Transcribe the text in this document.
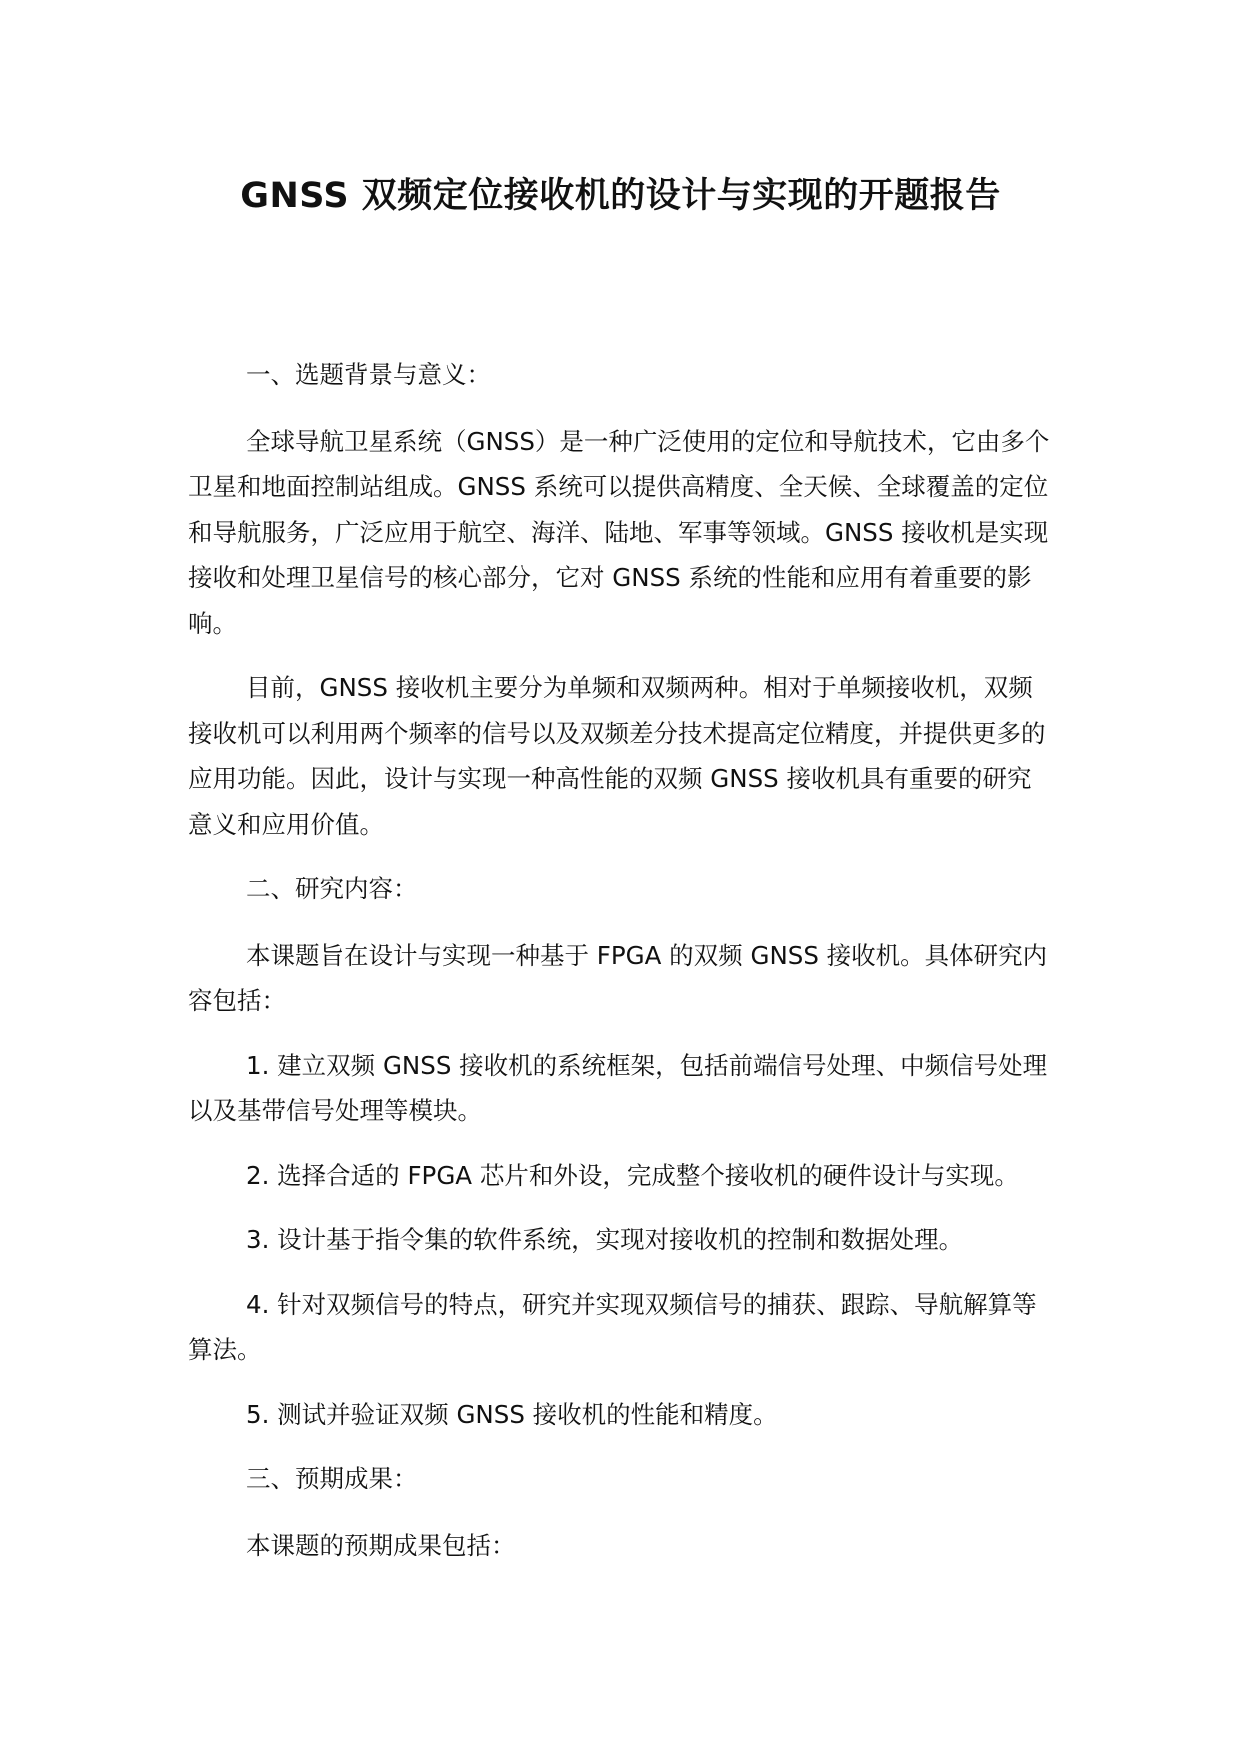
GNSS 双频定位接收机的设计与实现的开题报告

一、选题背景与意义：

全球导航卫星系统（GNSS）是一种广泛使用的定位和导航技术，它由多个卫星和地面控制站组成。GNSS 系统可以提供高精度、全天候、全球覆盖的定位和导航服务，广泛应用于航空、海洋、陆地、军事等领域。GNSS 接收机是实现接收和处理卫星信号的核心部分，它对 GNSS 系统的性能和应用有着重要的影响。

目前，GNSS 接收机主要分为单频和双频两种。相对于单频接收机，双频接收机可以利用两个频率的信号以及双频差分技术提高定位精度，并提供更多的应用功能。因此，设计与实现一种高性能的双频 GNSS 接收机具有重要的研究意义和应用价值。

二、研究内容：

本课题旨在设计与实现一种基于 FPGA 的双频 GNSS 接收机。具体研究内容包括：

1. 建立双频 GNSS 接收机的系统框架，包括前端信号处理、中频信号处理以及基带信号处理等模块。

2. 选择合适的 FPGA 芯片和外设，完成整个接收机的硬件设计与实现。

3. 设计基于指令集的软件系统，实现对接收机的控制和数据处理。

4. 针对双频信号的特点，研究并实现双频信号的捕获、跟踪、导航解算等算法。

5. 测试并验证双频 GNSS 接收机的性能和精度。

三、预期成果：

本课题的预期成果包括：
